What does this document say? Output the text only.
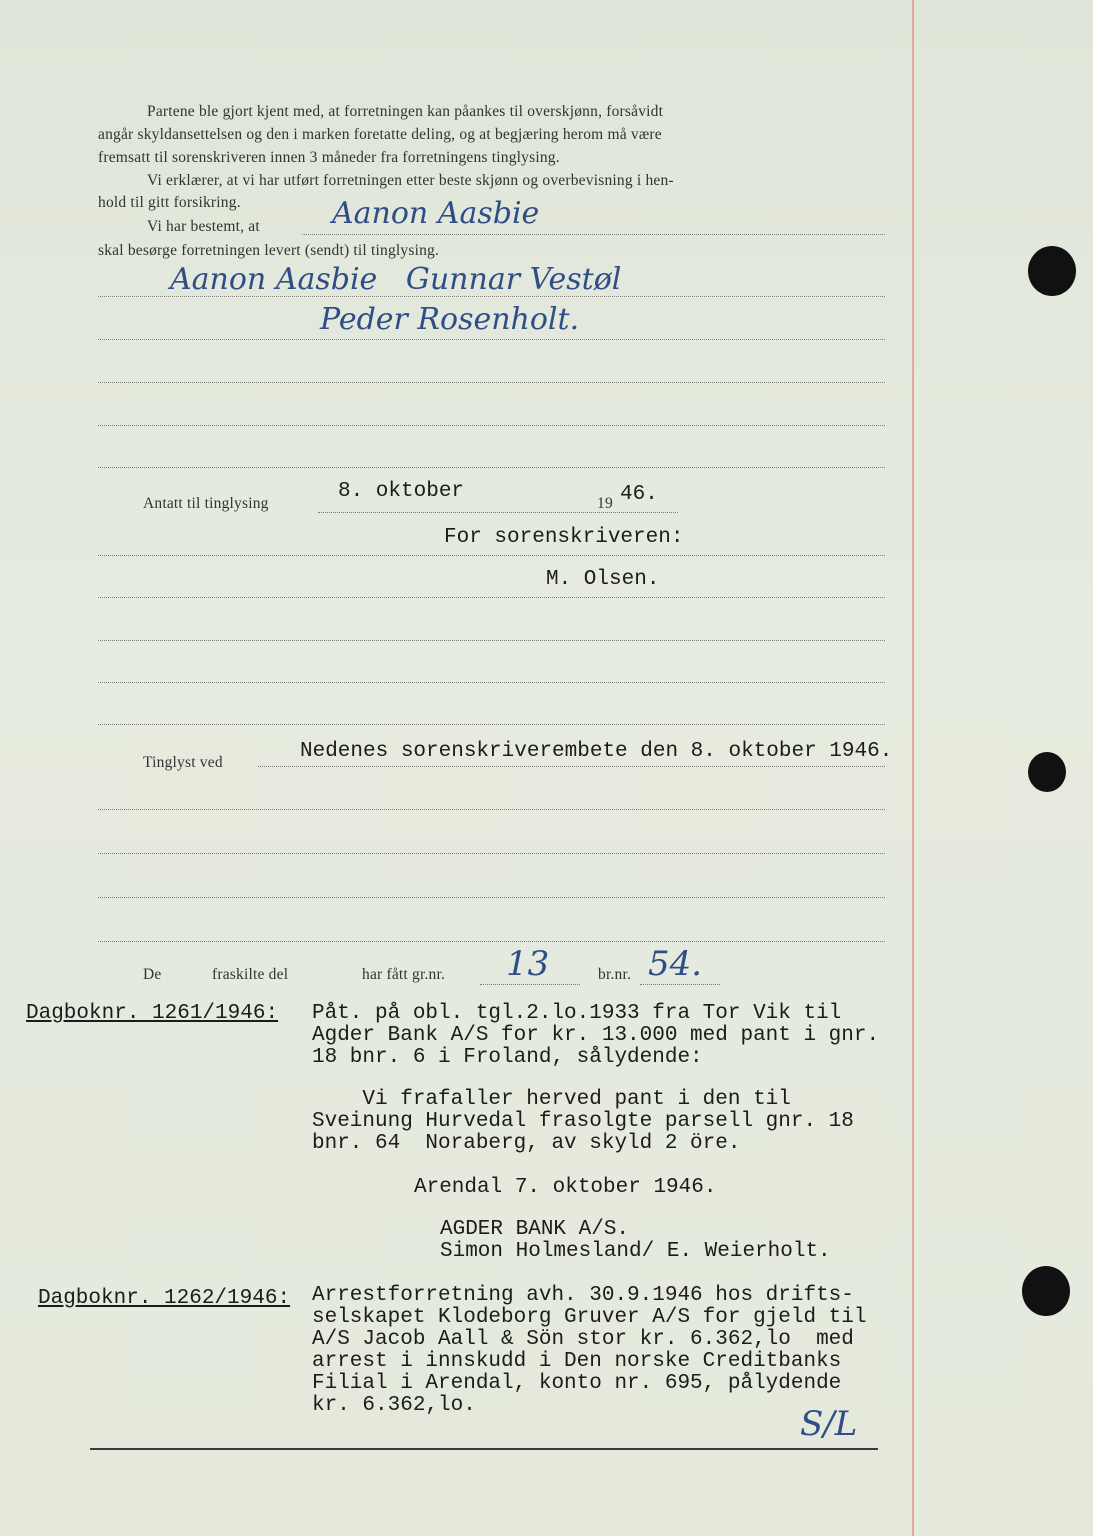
Partene ble gjort kjent med, at forretningen kan påankes til overskjønn, forsåvidt
angår skyldansettelsen og den i marken foretatte deling, og at begjæring herom må være
fremsatt til sorenskriveren innen 3 måneder fra forretningens tinglysing.
Vi erklærer, at vi har utført forretningen etter beste skjønn og overbevisning i hen-
hold til gitt forsikring.
Vi har bestemt, at Aanon Aasbie
skal besørge forretningen levert (sendt) til tinglysing.
Aanon Aasbie   Gunnar Vestøl
Peder Rosenholt.
Antatt til tinglysing
8. oktober
19 46.
For sorenskriveren:
M. Olsen.
Tinglyst ved	Nedenes sorenskriverembete den 8. oktober 1946.
De	fraskilte del	har fått gr.nr. 13	br.nr. 54.
Dagboknr. 1261/1946: Påt. på obl. tgl.2.lo.1933 fra Tor Vik til
Agder Bank A/S for kr. 13.000 med pant i gnr.
18 bnr. 6 i Froland, sålydende:
Vi frafaller herved pant i den til
Sveinung Hurvedal frasolgte parsell gnr. 18
bnr. 64  Noraberg, av skyld 2 öre.
Arendal 7. oktober 1946.
AGDER BANK A/S.
Simon Holmesland/ E. Weierholt.
Dagboknr. 1262/1946: Arrestforretning avh. 30.9.1946 hos drifts-
selskapet Klodeborg Gruver A/S for gjeld til
A/S Jacob Aall & Sön stor kr. 6.362,lo  med
arrest i innskudd i Den norske Creditbanks
Filial i Arendal, konto nr. 695, pålydende
kr. 6.362,lo.	S/L
